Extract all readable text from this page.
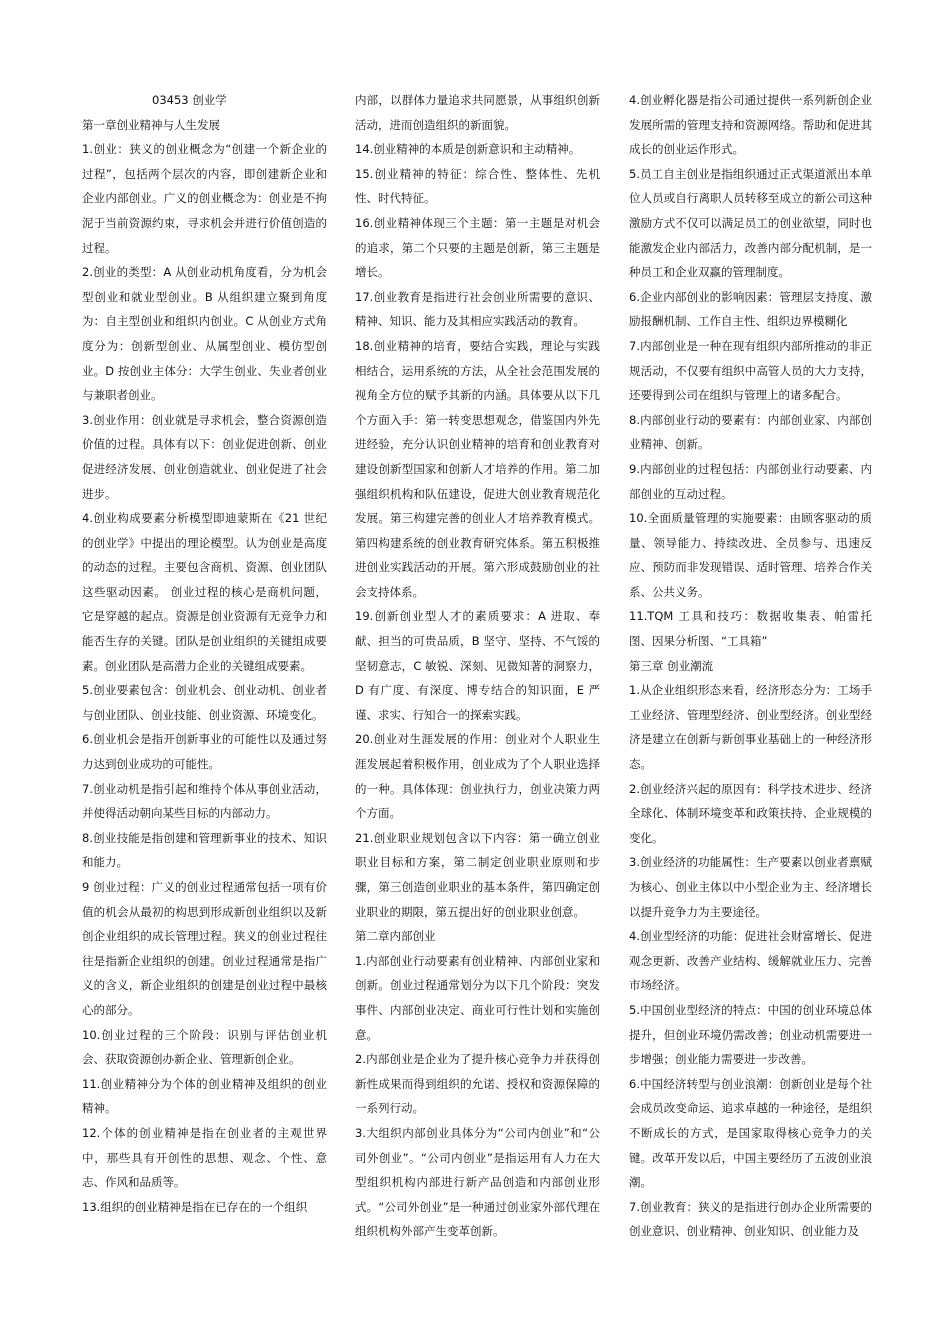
03453 创业学

第一章创业精神与人生发展

1.创业：狭义的创业概念为“创建一个新企业的过程”，包括两个层次的内容，即创建新企业和企业内部创业。广义的创业概念为：创业是不拘泥于当前资源约束，寻求机会并进行价值创造的过程。

2.创业的类型：A 从创业动机角度看，分为机会型创业和就业型创业。B 从组织建立聚到角度为：自主型创业和组织内创业。C 从创业方式角度分为：创新型创业、从属型创业、模仿型创业。D 按创业主体分：大学生创业、失业者创业与兼职者创业。

3.创业作用：创业就是寻求机会，整合资源创造价值的过程。具体有以下：创业促进创新、创业促进经济发展、创业创造就业、创业促进了社会进步。

4.创业构成要素分析模型即迪蒙斯在《21 世纪的创业学》中提出的理论模型。认为创业是高度的动态的过程。主要包含商机、资源、创业团队这些驱动因素。 创业过程的核心是商机问题，它是穿越的起点。资源是创业资源有无竞争力和能否生存的关键。团队是创业组织的关键组成要素。创业团队是高潜力企业的关键组成要素。

5.创业要素包含：创业机会、创业动机、创业者与创业团队、创业技能、创业资源、环境变化。

6.创业机会是指开创新事业的可能性以及通过努力达到创业成功的可能性。

7.创业动机是指引起和维持个体从事创业活动，并使得活动朝向某些目标的内部动力。

8.创业技能是指创建和管理新事业的技术、知识和能力。

9 创业过程：广义的创业过程通常包括一项有价值的机会从最初的构思到形成新创业组织以及新创企业组织的成长管理过程。狭义的创业过程往往是指新企业组织的创建。创业过程通常是指广义的含义，新企业组织的创建是创业过程中最核心的部分。

10.创业过程的三个阶段：识别与评估创业机会、获取资源创办新企业、管理新创企业。

11.创业精神分为个体的创业精神及组织的创业精神。

12.个体的创业精神是指在创业者的主观世界中，那些具有开创性的思想、观念、个性、意志、作风和品质等。

13.组织的创业精神是指在已存在的一个组织

内部，以群体力量追求共同愿景，从事组织创新活动，进而创造组织的新面貌。

14.创业精神的本质是创新意识和主动精神。

15.创业精神的特征：综合性、整体性、先机性、时代特征。

16.创业精神体现三个主题：第一主题是对机会的追求，第二个只要的主题是创新，第三主题是增长。

17.创业教育是指进行社会创业所需要的意识、精神、知识、能力及其相应实践活动的教育。

18.创业精神的培育，要结合实践，理论与实践相结合，运用系统的方法，从全社会范围发展的视角全方位的赋予其新的内涵。具体要从以下几个方面入手：第一转变思想观念，借鉴国内外先进经验，充分认识创业精神的培育和创业教育对建设创新型国家和创新人才培养的作用。第二加强组织机构和队伍建设，促进大创业教育规范化发展。第三构建完善的创业人才培养教育模式。第四构建系统的创业教育研究体系。第五积极推进创业实践活动的开展。第六形成鼓励创业的社会支持体系。

19.创新创业型人才的素质要求：A 进取、奉献、担当的可贵品质，B 坚守、坚持、不气馁的坚韧意志，C 敏锐、深刻、见微知著的洞察力，D 有广度、有深度、博专结合的知识面，E 严谨、求实、行知合一的探索实践。

20.创业对生涯发展的作用：创业对个人职业生涯发展起着积极作用，创业成为了个人职业选择的一种。具体体现：创业执行力，创业决策力两个方面。

21.创业职业规划包含以下内容：第一确立创业职业目标和方案，第二制定创业职业原则和步骤，第三创造创业职业的基本条件，第四确定创业职业的期限，第五提出好的创业职业创意。

第二章内部创业

1.内部创业行动要素有创业精神、内部创业家和创新。创业过程通常划分为以下几个阶段：突发事件、内部创业决定、商业可行性计划和实施创意。

2.内部创业是企业为了提升核心竞争力并获得创新性成果而得到组织的允诺、授权和资源保障的一系列行动。

3.大组织内部创业具体分为“公司内创业”和“公司外创业”。“公司内创业”是指运用有人力在大型组织机构内部进行新产品创造和内部创业形式。“公司外创业”是一种通过创业家外部代理在组织机构外部产生变革创新。

4.创业孵化器是指公司通过提供一系列新创企业发展所需的管理支持和资源网络。帮助和促进其成长的创业运作形式。

5.员工自主创业是指组织通过正式渠道派出本单位人员或自行离职人员转移至成立的新公司这种激励方式不仅可以满足员工的创业欲望，同时也能激发企业内部活力，改善内部分配机制，是一种员工和企业双赢的管理制度。

6.企业内部创业的影响因素：管理层支持度、激励报酬机制、工作自主性、组织边界模糊化

7.内部创业是一种在现有组织内部所推动的非正规活动，不仅要有组织中高管人员的大力支持，还要得到公司在组织与管理上的诸多配合。

8.内部创业行动的要素有：内部创业家、内部创业精神、创新。

9.内部创业的过程包括：内部创业行动要素、内部创业的互动过程。

10.全面质量管理的实施要素：由顾客驱动的质量、领导能力、持续改进、全员参与、迅速反应、预防而非发现错误、适时管理、培养合作关系、公共义务。

11.TQM 工具和技巧：数据收集表、帕雷托图、因果分析图、“工具箱”

第三章 创业潮流

1.从企业组织形态来看，经济形态分为：工场手工业经济、管理型经济、创业型经济。创业型经济是建立在创新与新创事业基础上的一种经济形态。

2.创业经济兴起的原因有：科学技术进步、经济全球化、体制环境变革和政策扶持、企业规模的变化。

3.创业经济的功能属性：生产要素以创业者禀赋为核心、创业主体以中小型企业为主、经济增长以提升竞争力为主要途径。

4.创业型经济的功能：促进社会财富增长、促进观念更新、改善产业结构、缓解就业压力、完善市场经济。

5.中国创业型经济的特点：中国的创业环境总体提升，但创业环境仍需改善；创业动机需要进一步增强；创业能力需要进一步改善。

6.中国经济转型与创业浪潮：创新创业是每个社会成员改变命运、追求卓越的一种途径，是组织不断成长的方式，是国家取得核心竞争力的关键。改革开发以后，中国主要经历了五波创业浪潮。

7.创业教育：狭义的是指进行创办企业所需要的创业意识、创业精神、创业知识、创业能力及
